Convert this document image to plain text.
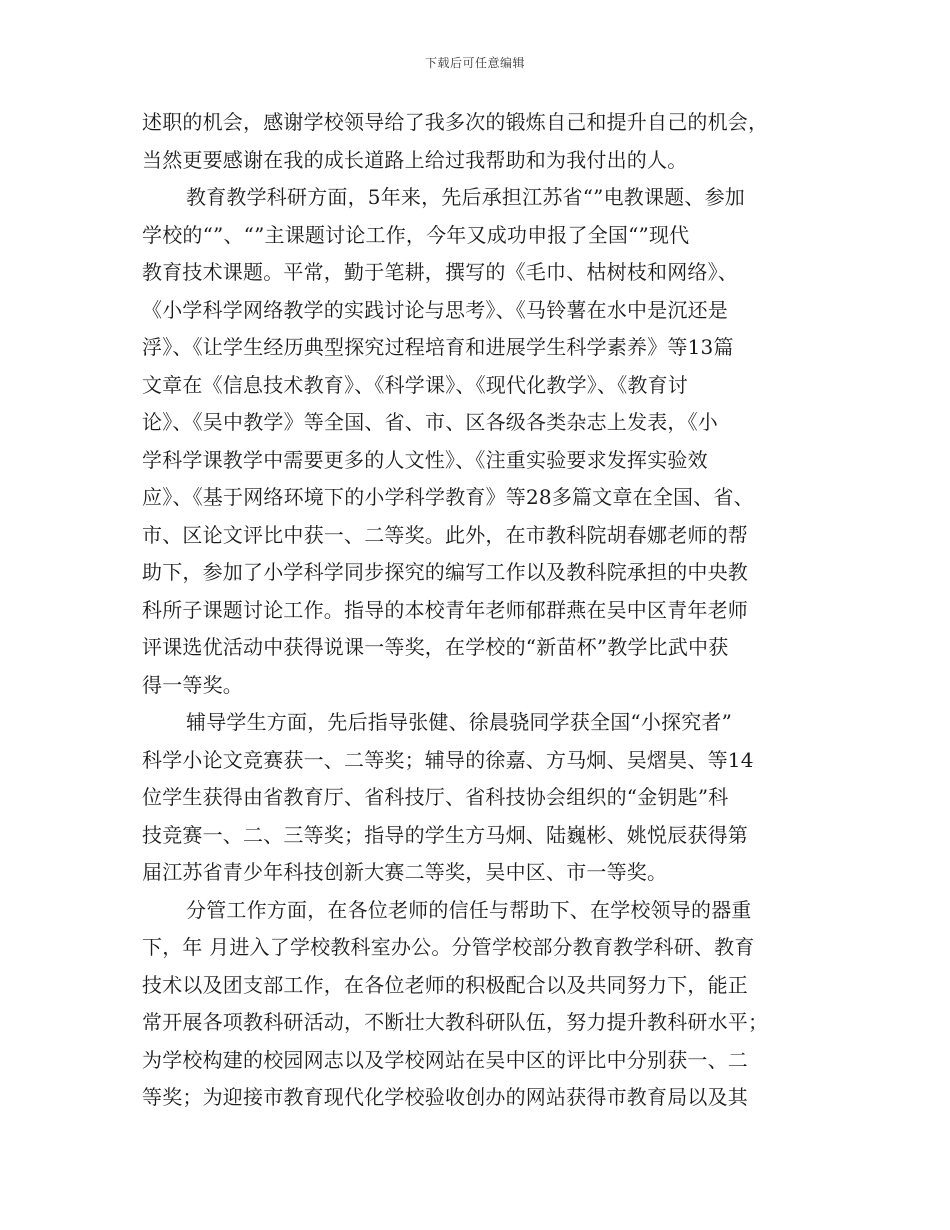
下载后可任意编辑
述职的机会，感谢学校领导给了我多次的锻炼自己和提升自己的机会，
当然更要感谢在我的成长道路上给过我帮助和为我付出的人。
教育教学科研方面，5年来，先后承担江苏省“”电教课题、参加
学校的“”、“”主课题讨论工作，今年又成功申报了全国“”现代
教育技术课题。平常，勤于笔耕，撰写的《毛巾、枯树枝和网络》、
《小学科学网络教学的实践讨论与思考》、《马铃薯在水中是沉还是
浮》、《让学生经历典型探究过程培育和进展学生科学素养》等13篇
文章在《信息技术教育》、《科学课》、《现代化教学》、《教育讨
论》、《吴中教学》等全国、省、市、区各级各类杂志上发表，《小
学科学课教学中需要更多的人文性》、《注重实验要求发挥实验效
应》、《基于网络环境下的小学科学教育》等28多篇文章在全国、省、
市、区论文评比中获一、二等奖。此外，在市教科院胡春娜老师的帮
助下，参加了小学科学同步探究的编写工作以及教科院承担的中央教
科所子课题讨论工作。指导的本校青年老师郁群燕在吴中区青年老师
评课选优活动中获得说课一等奖，在学校的“新苗杯”教学比武中获
得一等奖。
辅导学生方面，先后指导张健、徐晨骁同学获全国“小探究者”
科学小论文竞赛获一、二等奖；辅导的徐嘉、方马炯、吴熠昊、等14
位学生获得由省教育厅、省科技厅、省科技协会组织的“金钥匙”科
技竞赛一、二、三等奖；指导的学生方马炯、陆巍彬、姚悦辰获得第
届江苏省青少年科技创新大赛二等奖，吴中区、市一等奖。
分管工作方面，在各位老师的信任与帮助下、在学校领导的器重
下，年 月进入了学校教科室办公。分管学校部分教育教学科研、教育
技术以及团支部工作，在各位老师的积极配合以及共同努力下，能正
常开展各项教科研活动，不断壮大教科研队伍，努力提升教科研水平；
为学校构建的校园网志以及学校网站在吴中区的评比中分别获一、二
等奖；为迎接市教育现代化学校验收创办的网站获得市教育局以及其
